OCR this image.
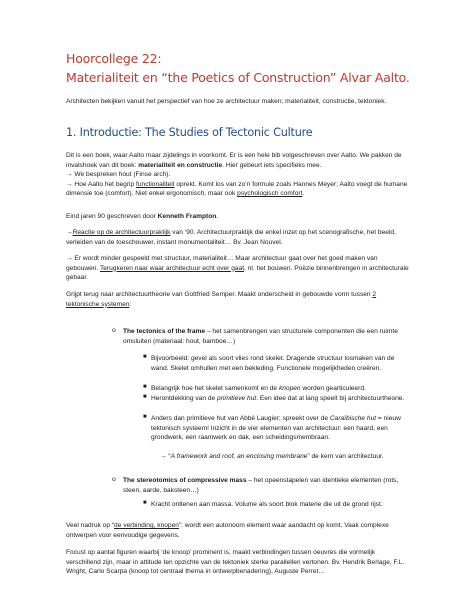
Hoorcollege 22:
Materialiteit en “the Poetics of Construction” Alvar Aalto.
Architecten bekijken vanuit het perspectief van hoe ze architectuur maken; materialiteit, constructie, tektoniek.
1. Introductie: The Studies of Tectonic Culture
Dit is een boek, waar Aalto maar zijdelings in voorkomt. Er is een hele bib volgeschreven over Aalto. We pakken de invalshoek van dit boek: materialiteit en constructie. Hier gebeurt iets specifieks mee.
→ We bespreken hout (Finse arch).
→ Hoe Aalto het begrip functionaliteit oprekt. Komt los van zo’n formule zoals Hannes Meyer; Aalto voegt de humane dimensie toe (comfort). Niet enkel ergonomisch, maar ook psychologisch comfort.
Eind jaren 90 geschreven door Kenneth Frampton.
→Reactie op de architectuurpraktijk van ‘90. Architectuurpraktijk die enkel inzet op het scenografische, het beeld, verleiden van de toeschouwer, instant monumentaliteit… Bv. Jean Nouvel.
→ Er wordt minder gespeeld met structuur, materialiteit… Maar architectuur gaat over het goed maken van gebouwen. Terugkeren naar waar architectuur echt over gaat, nl. het bouwen. Poëzie binnenbrengen in architecturale gebaar.
Grijpt terug naar architectuurtheorie van Gottfried Semper. Maakt onderscheid in gebouwde vorm tussen 2 tektonische systemen:
o The tectonics of the frame – het samenbrengen van structurele componenten die een ruimte omsluiten (materiaal: hout, bamboe…)
■ Bijvoorbeeld: gevel als soort vlies rond skelet. Dragende structuur losmaken van de wand. Skelet omhullen met een bekleding. Functionele mogelijkheden creëren.
■ Belangrijk hoe het skelet samenkomt en de knopen worden gearticuleerd.
■ Herontdekking van de primitieve hut. Een idee dat al lang speelt bij architectuurtheorie.
■ Anders dan primitieve hut van Abbé Laugier; spreekt over de Caraïbische hut = nieuw tektonisch systeem! Inzicht in de vier elementen van architectuur: een haard, een grondwerk, een raamwerk en dak, een scheidingsmembraan.
→ “A framework and roof, an enclosing membrane” de kern van architectuur.
o The stereotomics of compressive mass – het opeenstapelen van identieke elementen (rots, steen, aarde, baksteen…)
■ Kracht ontlenen aan massa. Volume als soort blok materie die uit de grond rijst.
Veel nadruk op “de verbinding, knopen”: wordt een autonoom element waar aandacht op komt. Vaak complexe ontwerpen voor eenvoudige gegevens.
Focust op aantal figuren waarbij ‘de knoop’ prominent is, maakt verbindingen tussen oeuvres die vormelijk verschillend zijn, maar in attitude ten opzichte van de tektoniek sterke parallellen vertonen. Bv. Hendrik Berlage, F.L. Wright, Carlo Scarpa (knoop tot centraal thema in ontwerpbenadering), Auguste Perret…
